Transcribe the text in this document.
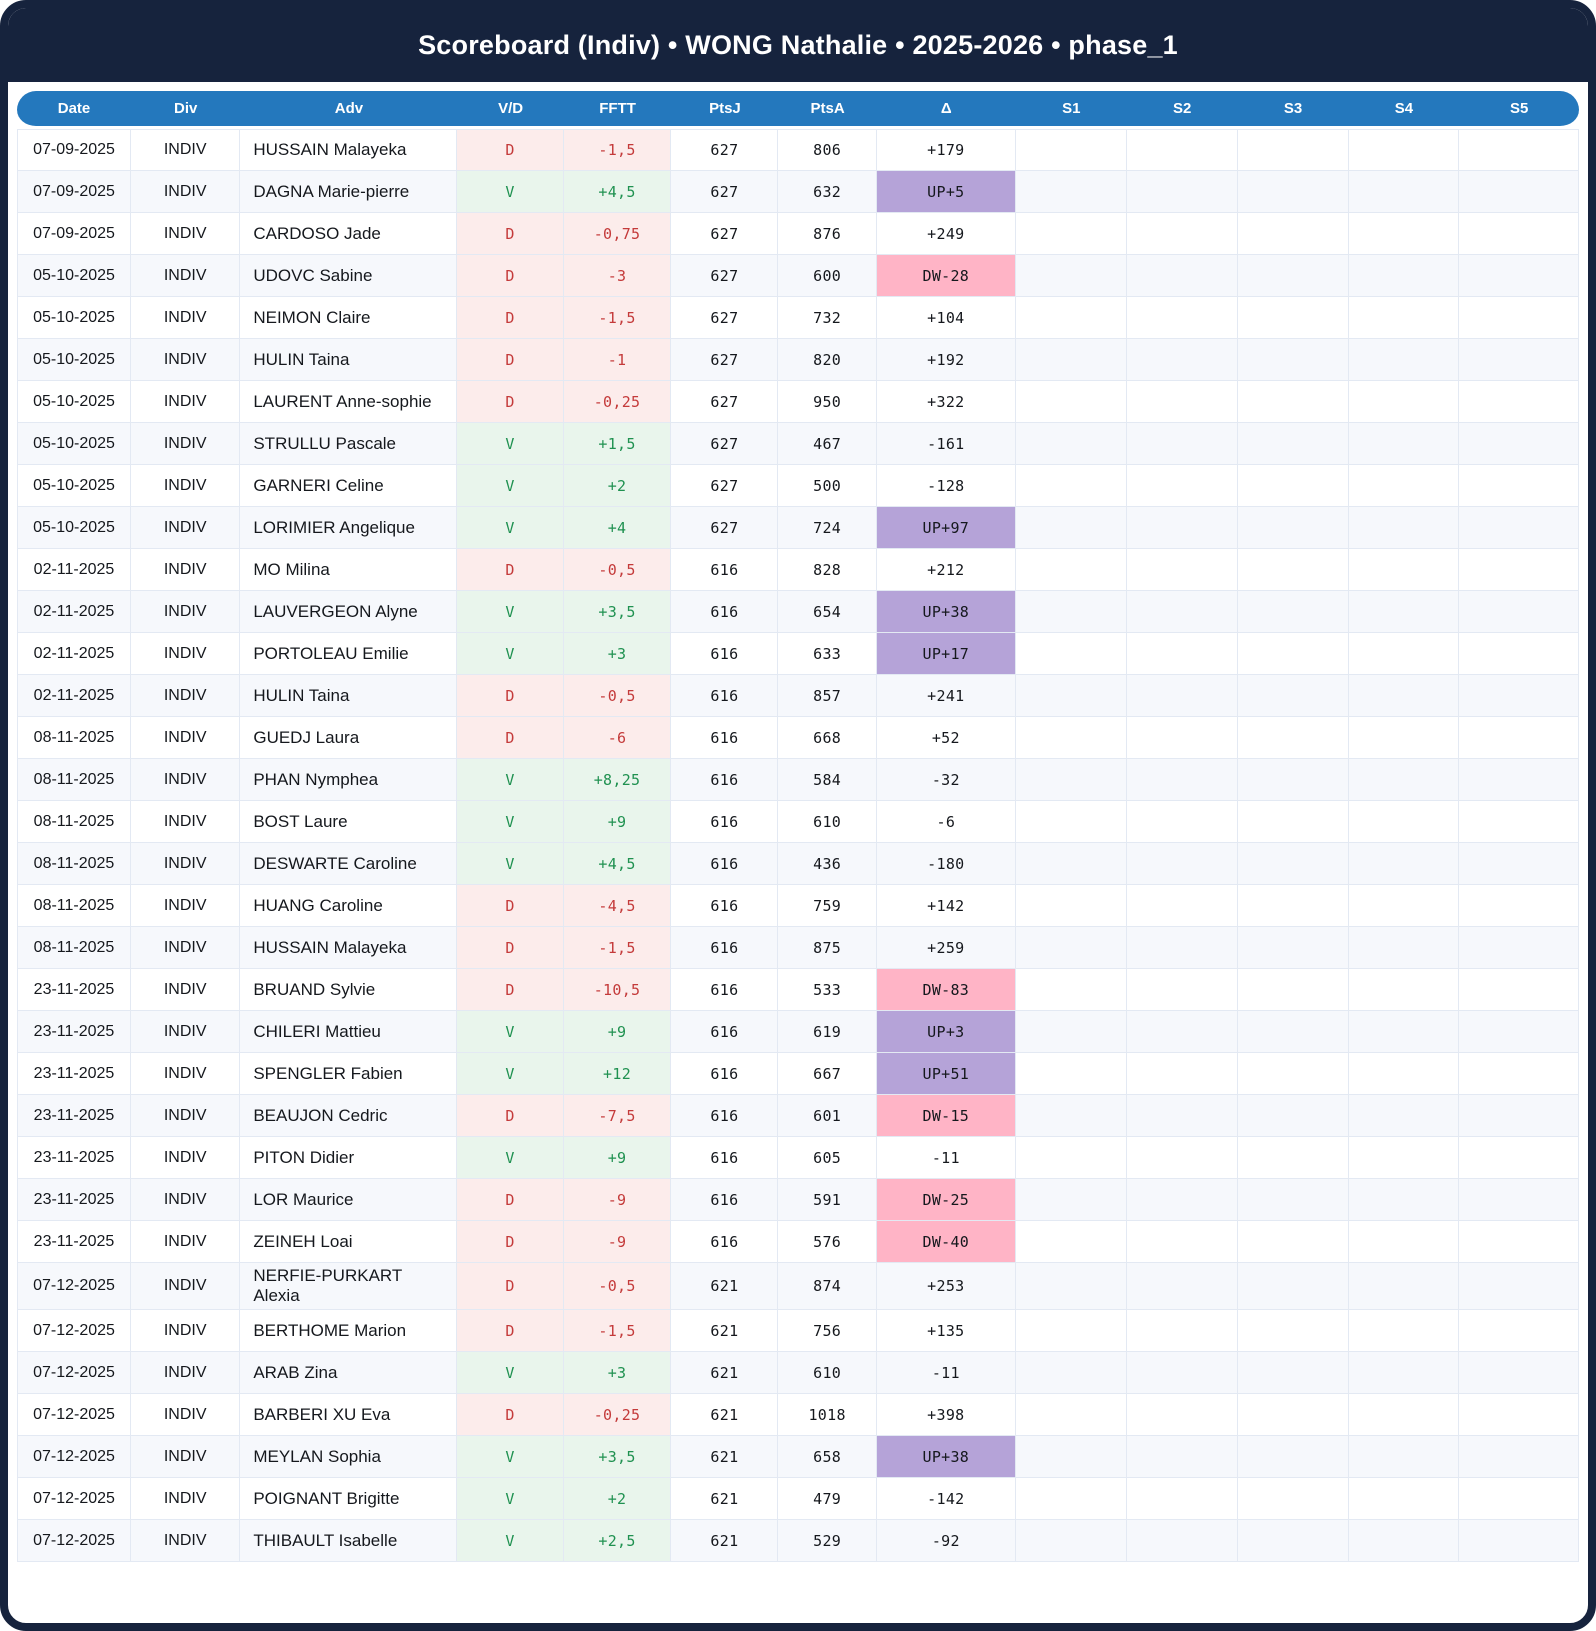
Scoreboard (Indiv) • WONG Nathalie • 2025-2026 • phase_1
Date	Div	Adv	V/D	FFTT	PtsJ	PtsA	Δ	S1	S2	S3	S4	S5
07-09-2025	INDIV	HUSSAIN Malayeka	D	-1,5	627	806	+179					
07-09-2025	INDIV	DAGNA Marie-pierre	V	+4,5	627	632	UP+5					
07-09-2025	INDIV	CARDOSO Jade	D	-0,75	627	876	+249					
05-10-2025	INDIV	UDOVC Sabine	D	-3	627	600	DW-28					
05-10-2025	INDIV	NEIMON Claire	D	-1,5	627	732	+104					
05-10-2025	INDIV	HULIN Taina	D	-1	627	820	+192					
05-10-2025	INDIV	LAURENT Anne-sophie	D	-0,25	627	950	+322					
05-10-2025	INDIV	STRULLU Pascale	V	+1,5	627	467	-161					
05-10-2025	INDIV	GARNERI Celine	V	+2	627	500	-128					
05-10-2025	INDIV	LORIMIER Angelique	V	+4	627	724	UP+97					
02-11-2025	INDIV	MO Milina	D	-0,5	616	828	+212					
02-11-2025	INDIV	LAUVERGEON Alyne	V	+3,5	616	654	UP+38					
02-11-2025	INDIV	PORTOLEAU Emilie	V	+3	616	633	UP+17					
02-11-2025	INDIV	HULIN Taina	D	-0,5	616	857	+241					
08-11-2025	INDIV	GUEDJ Laura	D	-6	616	668	+52					
08-11-2025	INDIV	PHAN Nymphea	V	+8,25	616	584	-32					
08-11-2025	INDIV	BOST Laure	V	+9	616	610	-6					
08-11-2025	INDIV	DESWARTE Caroline	V	+4,5	616	436	-180					
08-11-2025	INDIV	HUANG Caroline	D	-4,5	616	759	+142					
08-11-2025	INDIV	HUSSAIN Malayeka	D	-1,5	616	875	+259					
23-11-2025	INDIV	BRUAND Sylvie	D	-10,5	616	533	DW-83					
23-11-2025	INDIV	CHILERI Mattieu	V	+9	616	619	UP+3					
23-11-2025	INDIV	SPENGLER Fabien	V	+12	616	667	UP+51					
23-11-2025	INDIV	BEAUJON Cedric	D	-7,5	616	601	DW-15					
23-11-2025	INDIV	PITON Didier	V	+9	616	605	-11					
23-11-2025	INDIV	LOR Maurice	D	-9	616	591	DW-25					
23-11-2025	INDIV	ZEINEH Loai	D	-9	616	576	DW-40					
07-12-2025	INDIV	NERFIE-PURKART Alexia	D	-0,5	621	874	+253					
07-12-2025	INDIV	BERTHOME Marion	D	-1,5	621	756	+135					
07-12-2025	INDIV	ARAB Zina	V	+3	621	610	-11					
07-12-2025	INDIV	BARBERI XU Eva	D	-0,25	621	1018	+398					
07-12-2025	INDIV	MEYLAN Sophia	V	+3,5	621	658	UP+38					
07-12-2025	INDIV	POIGNANT Brigitte	V	+2	621	479	-142					
07-12-2025	INDIV	THIBAULT Isabelle	V	+2,5	621	529	-92					
